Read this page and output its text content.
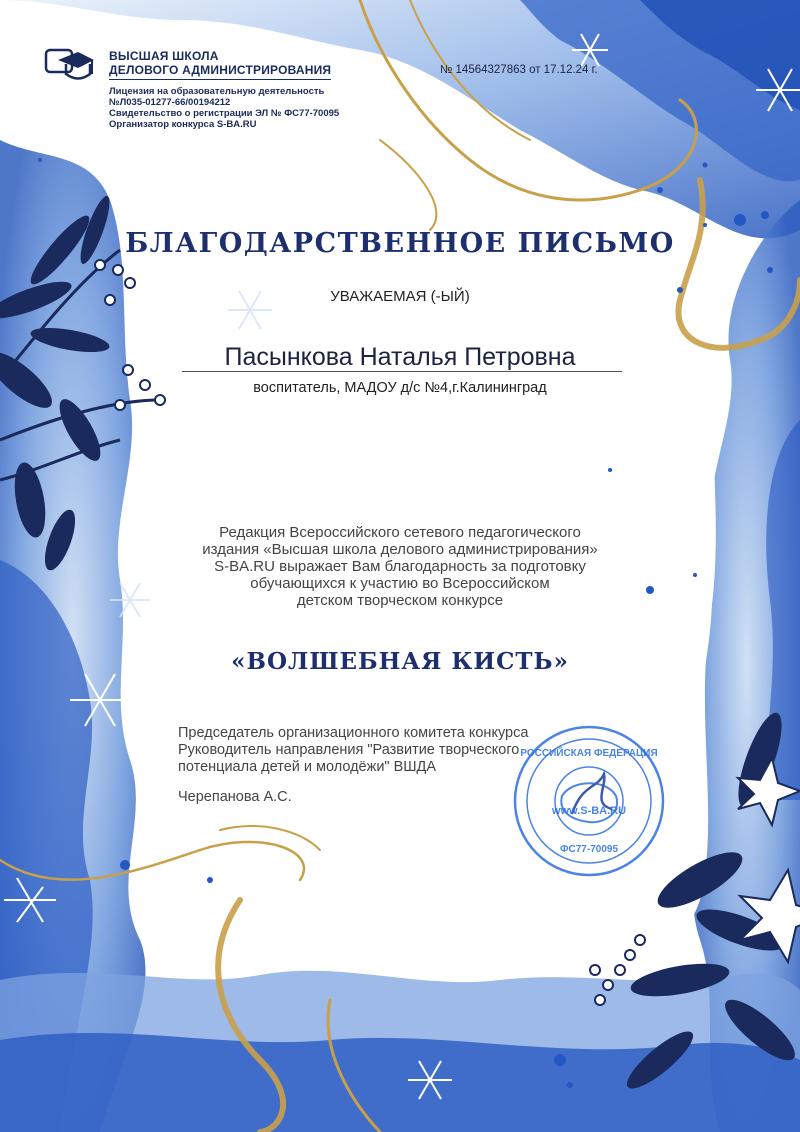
ВЫСШАЯ ШКОЛА
ДЕЛОВОГО АДМИНИСТРИРОВАНИЯ
Лицензия на образовательную деятельность
№Л035-01277-66/00194212
Свидетельство о регистрации ЭЛ № ФС77-70095
Организатор конкурса S-BA.RU
№ 14564327863 от 17.12.24 г.
БЛАГОДАРСТВЕННОЕ ПИСЬМО
УВАЖАЕМАЯ (-ЫЙ)
Пасынкова Наталья Петровна
воспитатель, МАДОУ д/с №4,г.Калининград
Редакция Всероссийского сетевого педагогического
издания «Высшая школа делового администрирования»
S-BA.RU выражает Вам благодарность за подготовку
обучающихся к участию во Всероссийском
детском творческом конкурсе
«ВОЛШЕБНАЯ КИСТЬ»
Председатель организационного комитета конкурса
Руководитель направления "Развитие творческого
потенциала детей и молодёжи" ВШДА
Черепанова А.С.
РОССИЙСКАЯ ФЕДЕРАЦИЯ
www.S-BA.RU
ФС77-70095
